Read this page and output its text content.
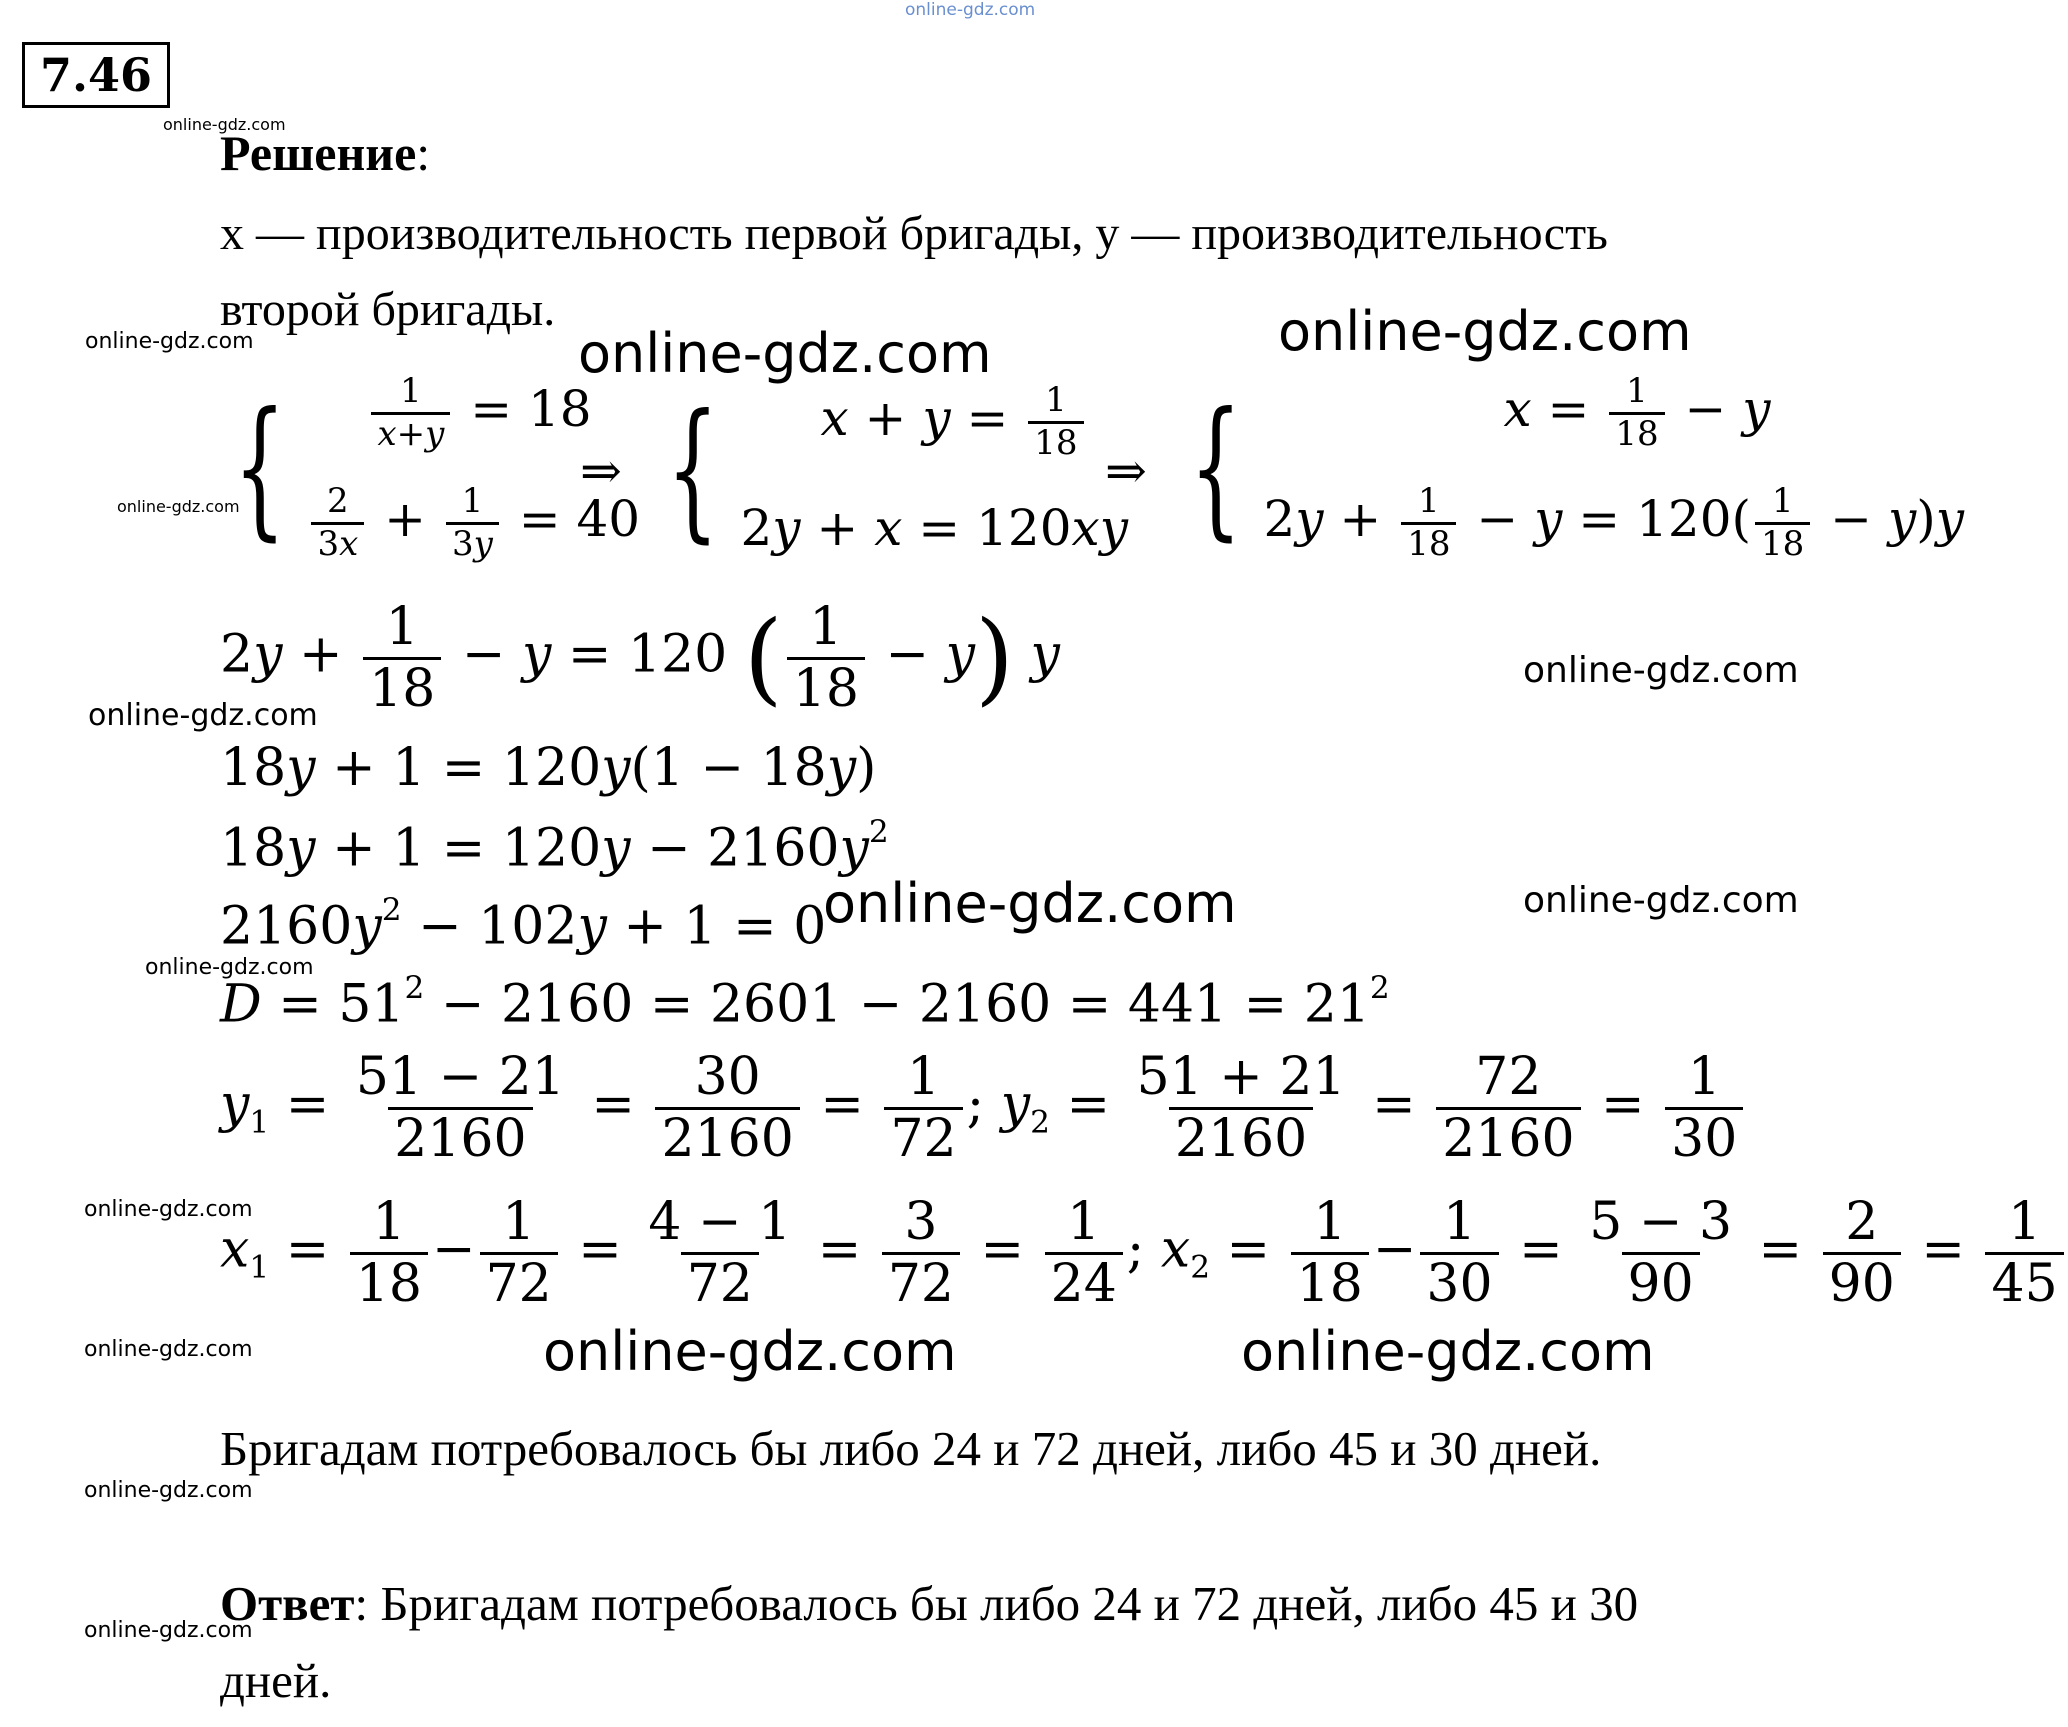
online-gdz.com
7.46
online-gdz.com
online-gdz.com
online-gdz.com
online-gdz.com
online-gdz.com
online-gdz.com
online-gdz.com
online-gdz.com
online-gdz.com
online-gdz.com
online-gdz.com
online-gdz.com	online-gdz.com
online-gdz.com
online-gdz.com	online-gdz.com
Решение:
x — производительность первой бригады, y — производительность
второй бригады.
{	$\frac{1}{x+y} = 18$
$\frac{2}{3x} + \frac{1}{3y} = 40$
⇒ {	$x + y = \frac{1}{18}$
2y + x = 120xy
⇒ {	$x = \frac{1}{18} - y$
$2y + \frac{1}{18} - y = 120( \frac{1}{18} - y)y$
$2y + \frac{1}{18} - y = 120$ ( $\frac{1}{18} - y$) y
18y + 1 = 120y(1 − 18y)
$18y + 1 = 120y - 2160y^2$
$2160y^2 - 102y + 1 = 0$
$D = 51^2 - 2160 = 2601 - 2160 = 441 = 21^2$
$y_1 = \frac{51 - 21}{2160} = \frac{30}{2160} = \frac{1}{72}$ ; $y_2 = \frac{51 + 21}{2160} = \frac{72}{2160} = \frac{1}{30}$
$x_1 = \frac{1}{18} - \frac{1}{72} = \frac{4 - 1}{72} = \frac{3}{72} = \frac{1}{24}$ ; $x_2 = \frac{1}{18} - \frac{1}{30} = \frac{5 - 3}{90} = \frac{2}{90} = \frac{1}{45}$
Бригадам потребовалось бы либо 24 и 72 дней, либо 45 и 30 дней.
Ответ: Бригадам потребовалось бы либо 24 и 72 дней, либо 45 и 30
дней.
